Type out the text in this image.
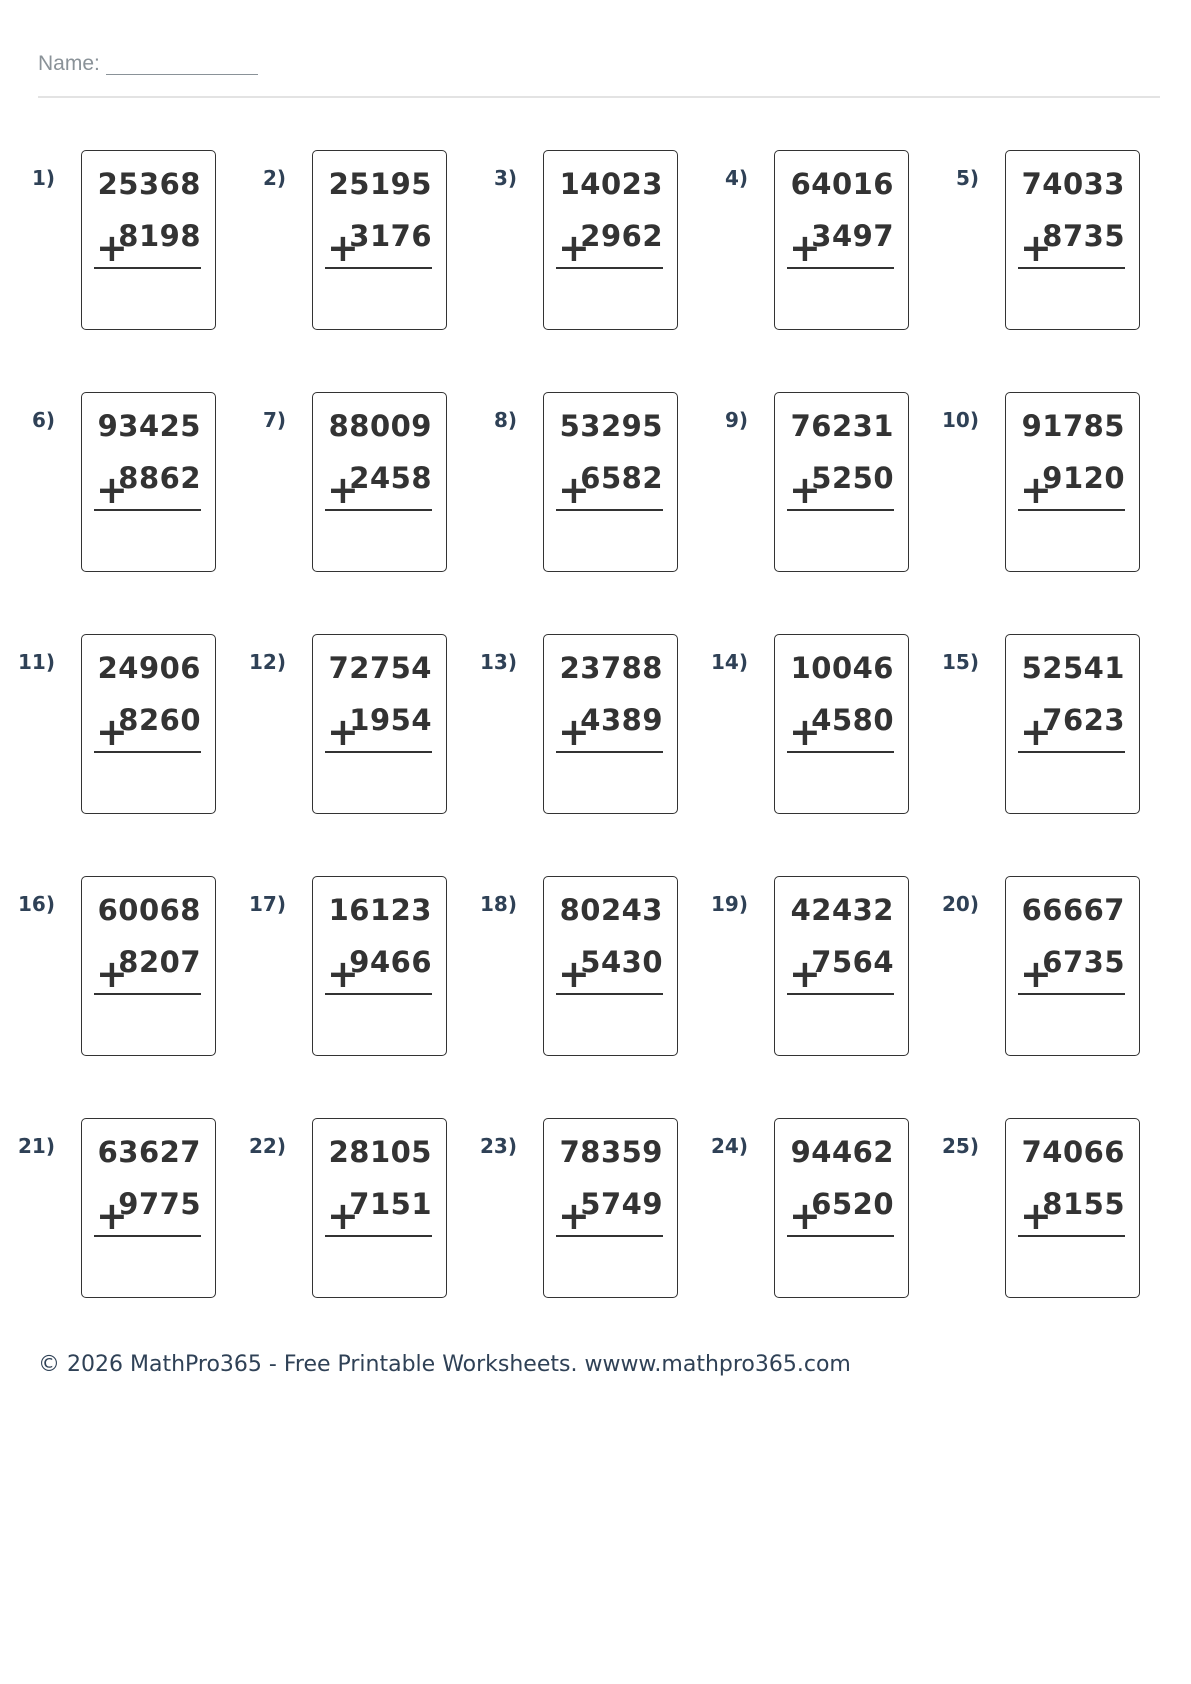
Name:
1) 25368
+
8198
2) 25195
+
3176
3) 14023
+
2962
4) 64016
+
3497
5) 74033
+
8735
6) 93425
+
8862
7) 88009
+
2458
8) 53295
+
6582
9) 76231
+
5250
10) 91785
+
9120
11) 24906
+
8260
12) 72754
+
1954
13) 23788
+
4389
14) 10046
+
4580
15) 52541
+
7623
16) 60068
+
8207
17) 16123
+
9466
18) 80243
+
5430
19) 42432
+
7564
20) 66667
+
6735
21) 63627
+
9775
22) 28105
+
7151
23) 78359
+
5749
24) 94462
+
6520
25) 74066
+
8155
© 2026 MathPro365 - Free Printable Worksheets. wwww.mathpro365.com
